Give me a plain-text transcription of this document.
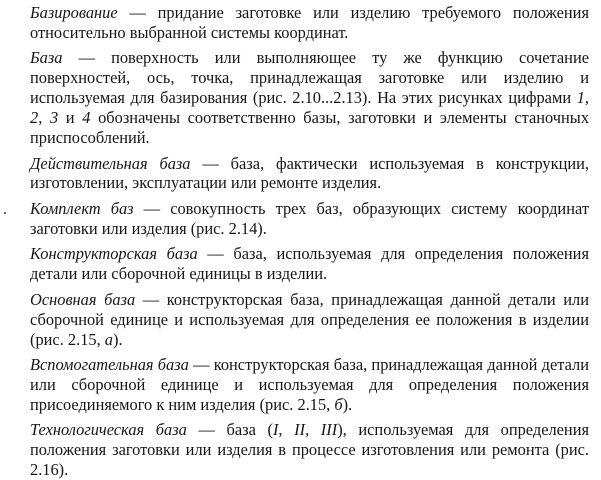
Базирование — придание заготовке или изделию требуемого положения относительно выбранной системы координат.

База — поверхность или выполняющее ту же функцию сочетание поверхностей, ось, точка, принадлежащая заготовке или изделию и используемая для базирования (рис. 2.10...2.13). На этих рисунках цифрами 1, 2, 3 и 4 обозначены соответственно базы, заготовки и элементы станочных приспособлений.

Действительная база — база, фактически используемая в конструкции, изготовлении, эксплуатации или ремонте изделия.

Комплект баз — совокупность трех баз, образующих систему координат заготовки или изделия (рис. 2.14).

Конструкторская база — база, используемая для определения положения детали или сборочной единицы в изделии.

Основная база — конструкторская база, принадлежащая данной детали или сборочной единице и используемая для определения ее положения в изделии (рис. 2.15, а).

Вспомогательная база — конструкторская база, принадлежащая данной детали или сборочной единице и используемая для определения положения присоединяемого к ним изделия (рис. 2.15, б).

Технологическая база — база (I, II, III), используемая для определения положения заготовки или изделия в процессе изготовления или ремонта (рис. 2.16).
